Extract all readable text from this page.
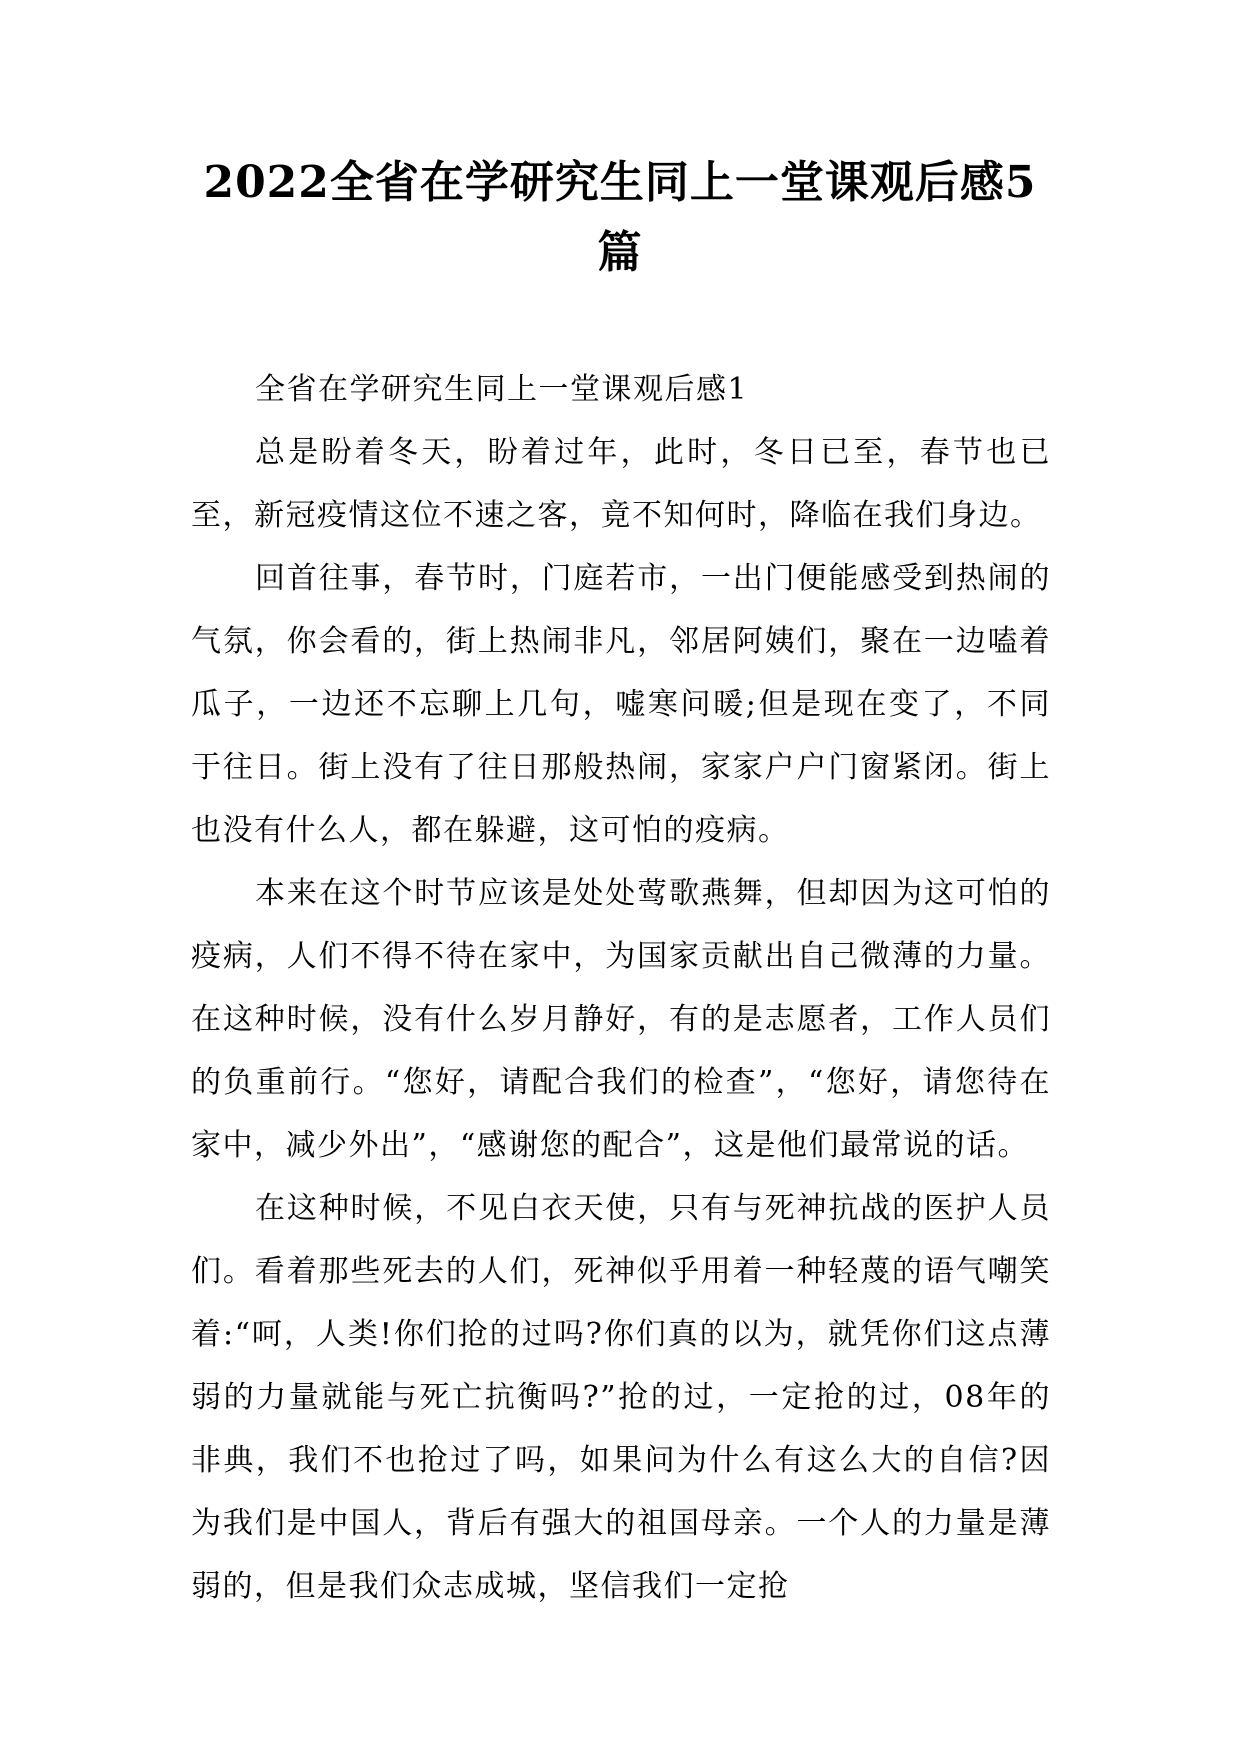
2022全省在学研究生同上一堂课观后感5篇

全省在学研究生同上一堂课观后感1

总是盼着冬天，盼着过年，此时，冬日已至，春节也已至，新冠疫情这位不速之客，竟不知何时，降临在我们身边。

回首往事，春节时，门庭若市，一出门便能感受到热闹的气氛，你会看的，街上热闹非凡，邻居阿姨们，聚在一边嗑着瓜子，一边还不忘聊上几句，嘘寒问暖;但是现在变了，不同于往日。街上没有了往日那般热闹，家家户户门窗紧闭。街上也没有什么人，都在躲避，这可怕的疫病。

本来在这个时节应该是处处莺歌燕舞，但却因为这可怕的疫病，人们不得不待在家中，为国家贡献出自己微薄的力量。在这种时候，没有什么岁月静好，有的是志愿者，工作人员们的负重前行。“您好，请配合我们的检查”，“您好，请您待在家中，减少外出”，“感谢您的配合”，这是他们最常说的话。

在这种时候，不见白衣天使，只有与死神抗战的医护人员们。看着那些死去的人们，死神似乎用着一种轻蔑的语气嘲笑着:“呵，人类!你们抢的过吗?你们真的以为，就凭你们这点薄弱的力量就能与死亡抗衡吗?”抢的过，一定抢的过，08年的非典，我们不也抢过了吗，如果问为什么有这么大的自信?因为我们是中国人，背后有强大的祖国母亲。一个人的力量是薄弱的，但是我们众志成城，坚信我们一定抢
